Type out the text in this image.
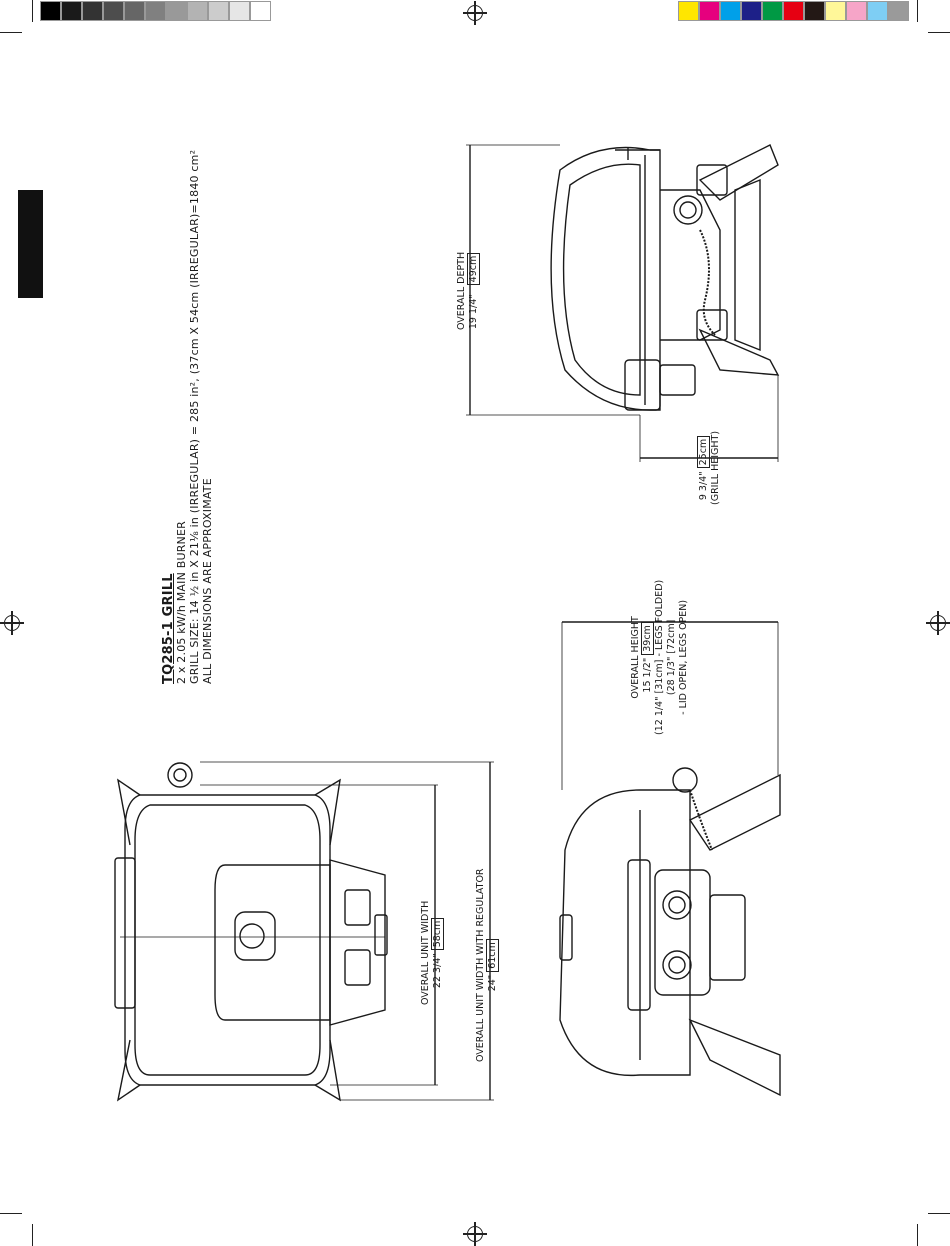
TQ285-1 GRILL 2 x 2.05 kW/h MAIN BURNER GRILL SIZE: 14 ½ in X 21⅛ in (IRREGULAR) = 285 in², (37cm X 54cm (IRREGULAR)=1840 cm² ALL DIMENSIONS ARE APPROXIMATE
OVERALL DEPTH 19 1/4"   49cm
9 3/4" 25cm (GRILL HEIGHT)
OVERALL HEIGHT 15 1/2" 39cm (12 1/4" [31cm] - LEGS FOLDED) (28 1/3" [72cm] - LID OPEN, LEGS OPEN)
OVERALL UNIT WIDTH 22 3/4" 58cm	OVERALL UNIT WIDTH WITH REGULATOR 24" 61cm
